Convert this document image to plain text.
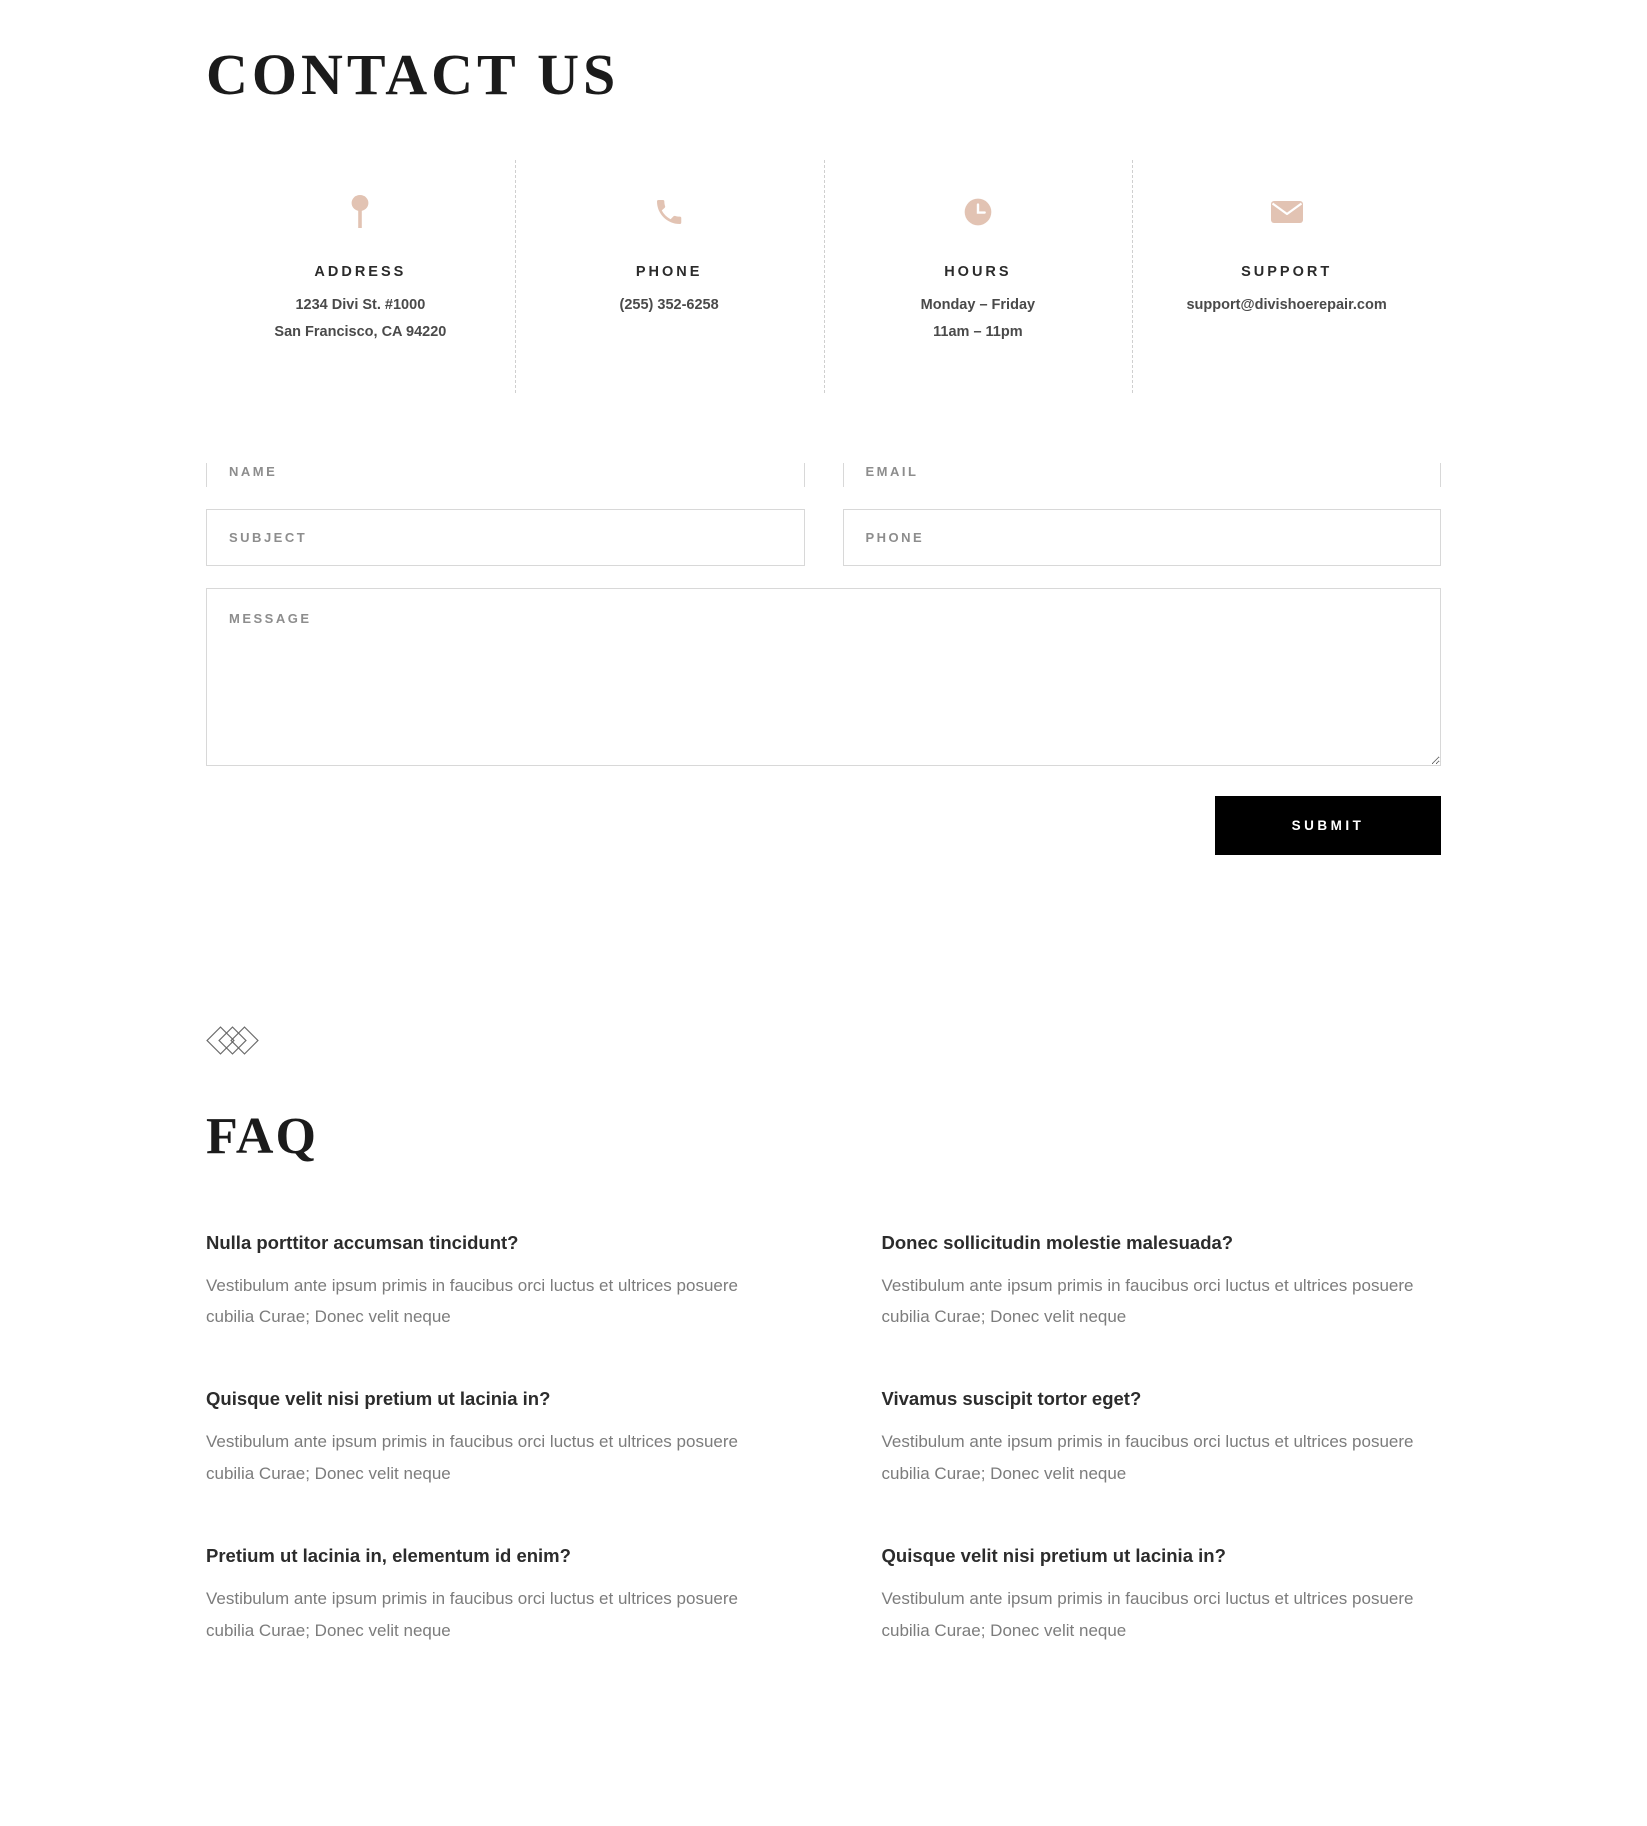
CONTACT US
ADDRESS
1234 Divi St. #1000
San Francisco, CA 94220
PHONE
(255) 352-6258
HOURS
Monday – Friday
11am – 11pm
SUPPORT
support@divishoerepair.com
NAME
EMAIL
SUBJECT
PHONE
MESSAGE
SUBMIT
FAQ

Nulla porttitor accumsan tincidunt?

Vestibulum ante ipsum primis in faucibus orci luctus et ultrices posuere cubilia Curae; Donec velit neque

Donec sollicitudin molestie malesuada?

Vestibulum ante ipsum primis in faucibus orci luctus et ultrices posuere cubilia Curae; Donec velit neque

Quisque velit nisi pretium ut lacinia in?

Vestibulum ante ipsum primis in faucibus orci luctus et ultrices posuere cubilia Curae; Donec velit neque

Vivamus suscipit tortor eget?

Vestibulum ante ipsum primis in faucibus orci luctus et ultrices posuere cubilia Curae; Donec velit neque

Pretium ut lacinia in, elementum id enim?

Vestibulum ante ipsum primis in faucibus orci luctus et ultrices posuere cubilia Curae; Donec velit neque

Quisque velit nisi pretium ut lacinia in?

Vestibulum ante ipsum primis in faucibus orci luctus et ultrices posuere cubilia Curae; Donec velit neque
